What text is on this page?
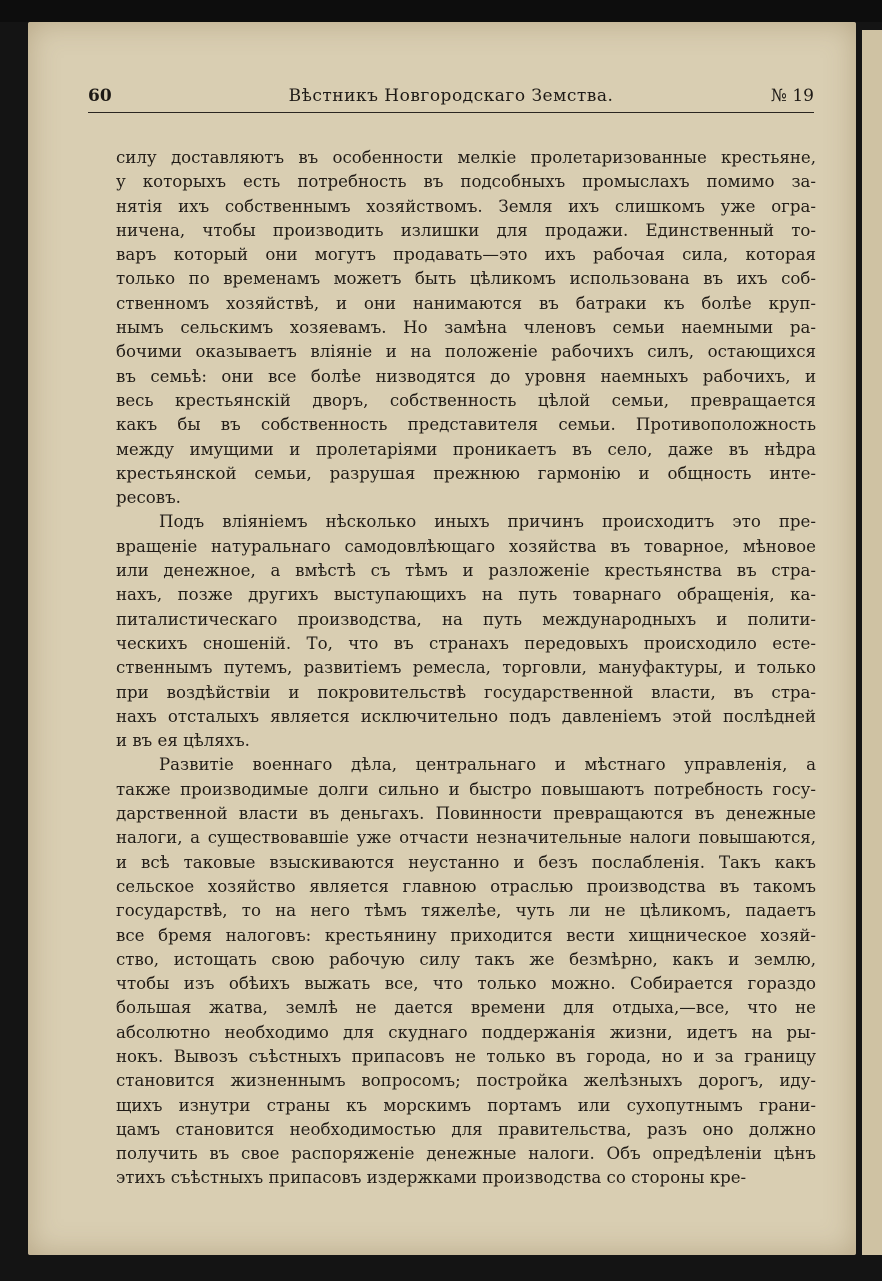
60	Вѣстникъ Новгородскаго Земства.	№ 19
силу доставляютъ въ особенности мелкіе пролетаризованные крестьяне,
у которыхъ есть потребность въ подсобныхъ промыслахъ помимо за-
нятія ихъ собственнымъ хозяйствомъ. Земля ихъ слишкомъ уже огра-
ничена, чтобы производить излишки для продажи. Единственный то-
варъ который они могутъ продавать—это ихъ рабочая сила, которая
только по временамъ можетъ быть цѣликомъ использована въ ихъ соб-
ственномъ хозяйствѣ, и они нанимаются въ батраки къ болѣе круп-
нымъ сельскимъ хозяевамъ. Но замѣна членовъ семьи наемными ра-
бочими оказываетъ вліяніе и на положеніе рабочихъ силъ, остающихся
въ семьѣ: они все болѣе низводятся до уровня наемныхъ рабочихъ, и
весь крестьянскій дворъ, собственность цѣлой семьи, превращается
какъ бы въ собственность представителя семьи. Противоположность
между имущими и пролетаріями проникаетъ въ село, даже въ нѣдра
крестьянской семьи, разрушая прежнюю гармонію и общность инте-
ресовъ.
Подъ вліяніемъ нѣсколько иныхъ причинъ происходитъ это пре-
вращеніе натуральнаго самодовлѣющаго хозяйства въ товарное, мѣновое
или денежное, а вмѣстѣ съ тѣмъ и разложеніе крестьянства въ стра-
нахъ, позже другихъ выступающихъ на путь товарнаго обращенія, ка-
питалистическаго производства, на путь международныхъ и полити-
ческихъ сношеній. То, что въ странахъ передовыхъ происходило есте-
ственнымъ путемъ, развитіемъ ремесла, торговли, мануфактуры, и только
при воздѣйствіи и покровительствѣ государственной власти, въ стра-
нахъ отсталыхъ является исключительно подъ давленіемъ этой послѣдней
и въ ея цѣляхъ.
Развитіе военнаго дѣла, центральнаго и мѣстнаго управленія, а
также производимые долги сильно и быстро повышаютъ потребность госу-
дарственной власти въ деньгахъ. Повинности превращаются въ денежные
налоги, а существовавшіе уже отчасти незначительные налоги повышаются,
и всѣ таковые взыскиваются неустанно и безъ послабленія. Такъ какъ
сельское хозяйство является главною отраслью производства въ такомъ
государствѣ, то на него тѣмъ тяжелѣе, чуть ли не цѣликомъ, падаетъ
все бремя налоговъ: крестьянину приходится вести хищническое хозяй-
ство, истощать свою рабочую силу такъ же безмѣрно, какъ и землю,
чтобы изъ обѣихъ выжать все, что только можно. Собирается гораздо
большая жатва, землѣ не дается времени для отдыха,—все, что не
абсолютно необходимо для скуднаго поддержанія жизни, идетъ на ры-
нокъ. Вывозъ съѣстныхъ припасовъ не только въ города, но и за границу
становится жизненнымъ вопросомъ; постройка желѣзныхъ дорогъ, иду-
щихъ изнутри страны къ морскимъ портамъ или сухопутнымъ грани-
цамъ становится необходимостью для правительства, разъ оно должно
получить въ свое распоряженіе денежные налоги. Объ опредѣленіи цѣнъ
этихъ съѣстныхъ припасовъ издержками производства со стороны кре-
